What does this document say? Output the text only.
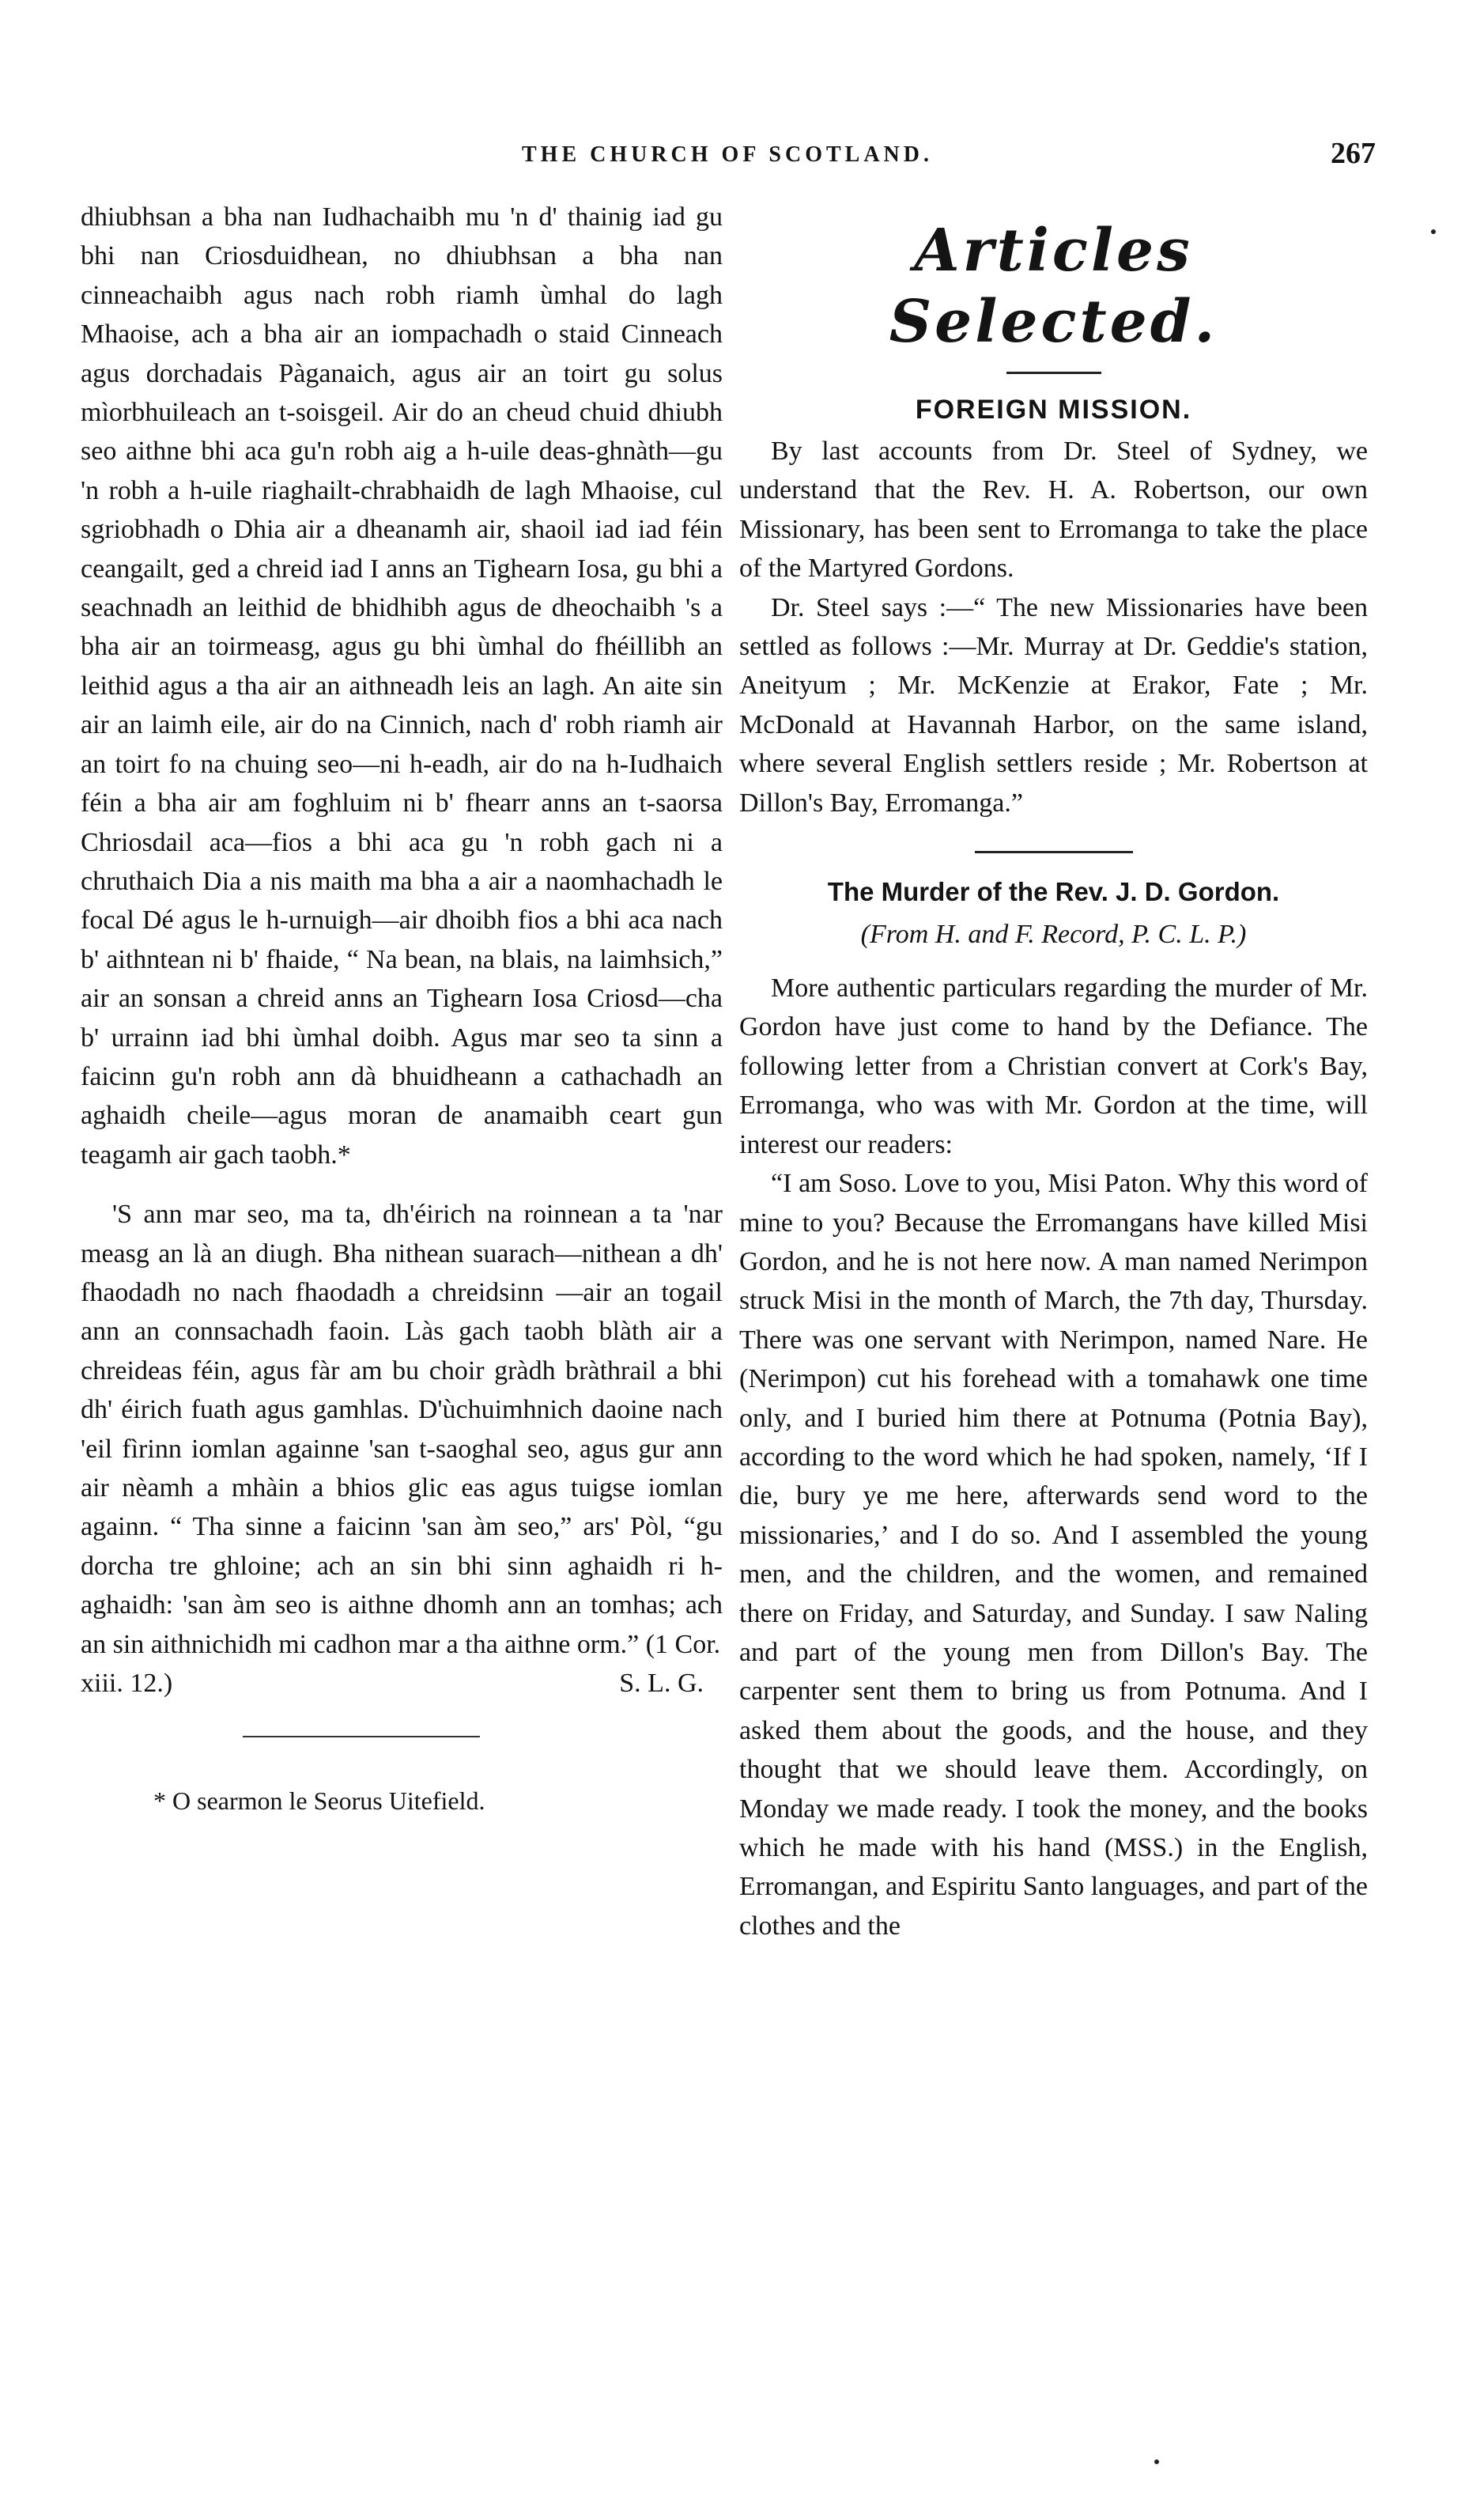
THE CHURCH OF SCOTLAND.	267

dhiubhsan a bha nan Iudhachaibh mu 'n d' thainig iad gu bhi nan Criosduidhean, no dhiubhsan a bha nan cinneachaibh agus nach robh riamh ùmhal do lagh Mhaoise, ach a bha air an iompachadh o staid Cinneach agus dorchadais Pàganaich, agus air an toirt gu solus mìorbhuileach an t-soisgeil. Air do an cheud chuid dhiubh seo aithne bhi aca gu'n robh aig a h-uile deas-ghnàth—gu 'n robh a h-uile riaghailt-chrabhaidh de lagh Mhaoise, cul sgriobhadh o Dhia air a dheanamh air, shaoil iad iad féin ceangailt, ged a chreid iad I anns an Tighearn Iosa, gu bhi a seachnadh an leithid de bhidhibh agus de dheochaibh 's a bha air an toirmeasg, agus gu bhi ùmhal do fhéillibh an leithid agus a tha air an aithneadh leis an lagh. An aite sin air an laimh eile, air do na Cinnich, nach d' robh riamh air an toirt fo na chuing seo—ni h-eadh, air do na h-Iudhaich féin a bha air am foghluim ni b' fhearr anns an t-saorsa Chriosdail aca—fios a bhi aca gu 'n robh gach ni a chruthaich Dia a nis maith ma bha a air a naomhachadh le focal Dé agus le h-urnuigh—air dhoibh fios a bhi aca nach b' aithntean ni b' fhaide, “ Na bean, na blais, na laimhsich,” air an sonsan a chreid anns an Tighearn Iosa Criosd—cha b' urrainn iad bhi ùmhal doibh. Agus mar seo ta sinn a faicinn gu'n robh ann dà bhuidheann a cathachadh an aghaidh cheile—agus moran de anamaibh ceart gun teagamh air gach taobh.*

'S ann mar seo, ma ta, dh'éirich na roinnean a ta 'nar measg an là an diugh. Bha nithean suarach—nithean a dh' fhaodadh no nach fhaodadh a chreidsinn —air an togail ann an connsachadh faoin. Làs gach taobh blàth air a chreideas féin, agus fàr am bu choir gràdh bràthrail a bhi dh' éirich fuath agus gamhlas. D'ùchuimhnich daoine nach 'eil fìrinn iomlan againne 'san t-saoghal seo, agus gur ann air nèamh a mhàin a bhios glic eas agus tuigse iomlan againn. “ Tha sinne a faicinn 'san àm seo,” ars' Pòl, “gu dorcha tre ghloine; ach an sin bhi sinn aghaidh ri h-aghaidh: 'san àm seo is aithne dhomh ann an tomhas; ach an sin aithnichidh mi cadhon mar a tha aithne orm.” (1 Cor.

xiii. 12.)	S. L. G.
* O searmon le Seorus Uitefield.
Articles Selected.
FOREIGN MISSION.

By last accounts from Dr. Steel of Sydney, we understand that the Rev. H. A. Robertson, our own Missionary, has been sent to Erromanga to take the place of the Martyred Gordons.

Dr. Steel says :—“ The new Missionaries have been settled as follows :—Mr. Murray at Dr. Geddie's station, Aneityum ; Mr. McKenzie at Erakor, Fate ; Mr. McDonald at Havannah Harbor, on the same island, where several English settlers reside ; Mr. Robertson at Dillon's Bay, Erromanga.”

The Murder of the Rev. J. D. Gordon.
(From H. and F. Record, P. C. L. P.)

More authentic particulars regarding the murder of Mr. Gordon have just come to hand by the Defiance. The following letter from a Christian convert at Cork's Bay, Erromanga, who was with Mr. Gordon at the time, will interest our readers:

“I am Soso. Love to you, Misi Paton. Why this word of mine to you? Because the Erromangans have killed Misi Gordon, and he is not here now. A man named Nerimpon struck Misi in the month of March, the 7th day, Thursday. There was one servant with Nerimpon, named Nare. He (Nerimpon) cut his forehead with a tomahawk one time only, and I buried him there at Potnuma (Potnia Bay), according to the word which he had spoken, namely, ‘If I die, bury ye me here, afterwards send word to the missionaries,’ and I do so. And I assembled the young men, and the children, and the women, and remained there on Friday, and Saturday, and Sunday. I saw Naling and part of the young men from Dillon's Bay. The carpenter sent them to bring us from Potnuma. And I asked them about the goods, and the house, and they thought that we should leave them. Accordingly, on Monday we made ready. I took the money, and the books which he made with his hand (MSS.) in the English, Erromangan, and Espiritu Santo languages, and part of the clothes and the
